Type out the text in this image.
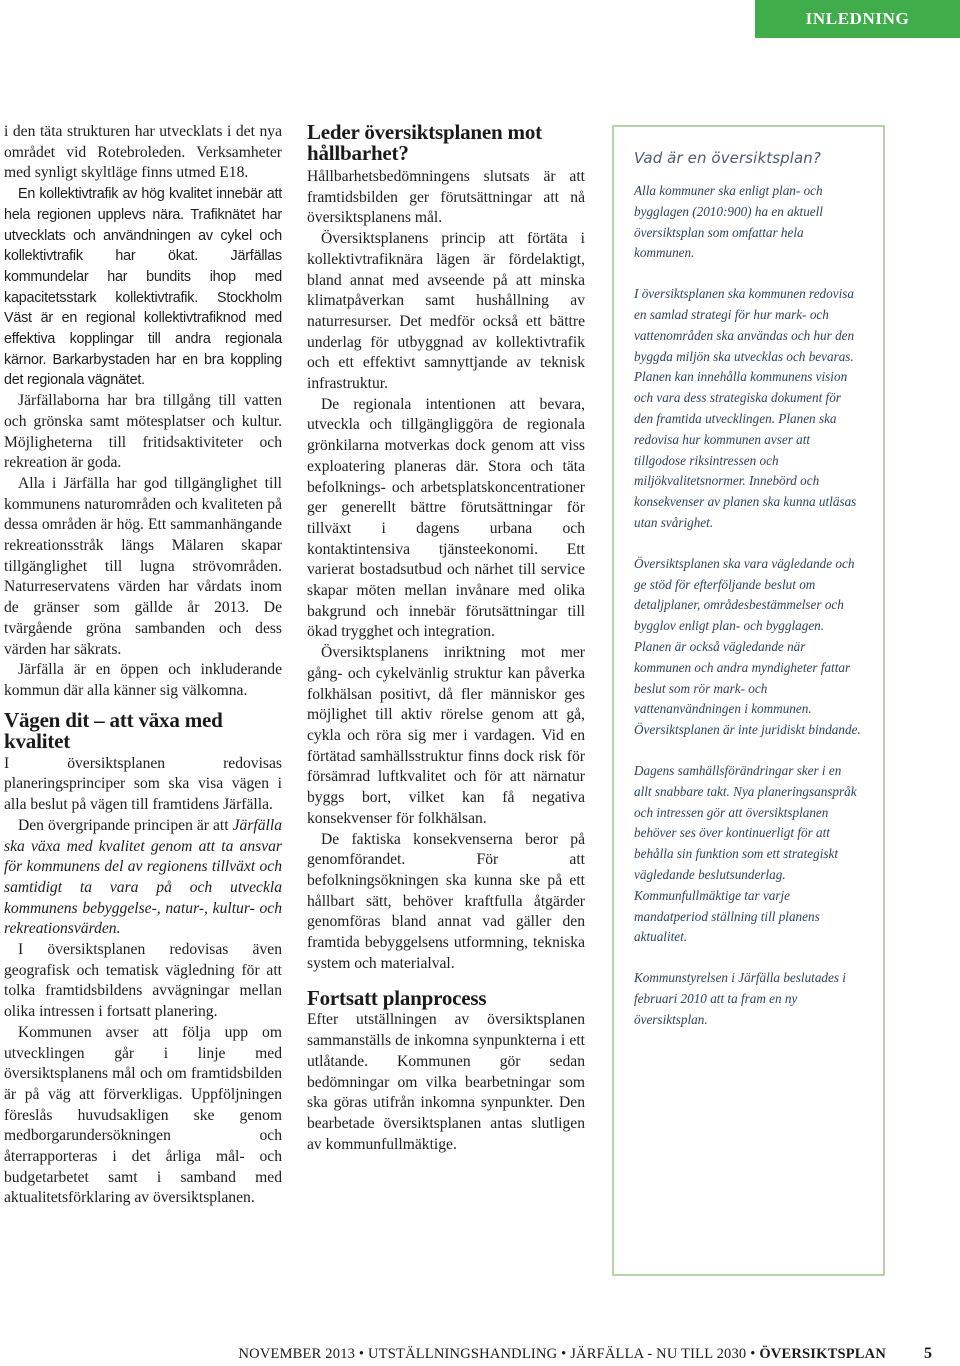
INLEDNING

i den täta strukturen har utvecklats i det nya området vid Rotebroleden. Verksamheter med synligt skyltläge finns utmed E18.

En kollektivtrafik av hög kvalitet innebär att hela regionen upplevs nära. Trafiknätet har utvecklats och användningen av cykel och kollektivtrafik har ökat. Järfällas kommundelar har bundits ihop med kapacitetsstark kollektivtrafik. Stockholm Väst är en regional kollektivtrafiknod med effektiva kopplingar till andra regionala kärnor. Barkarbystaden har en bra koppling det regionala vägnätet.

Järfällaborna har bra tillgång till vatten och grönska samt mötesplatser och kultur. Möjligheterna till fritidsaktiviteter och rekreation är goda.

Alla i Järfälla har god tillgänglighet till kommunens naturområden och kvaliteten på dessa områden är hög. Ett sammanhängande rekreationsstråk längs Mälaren skapar tillgänglighet till lugna strövområden. Naturreservatens värden har vårdats inom de gränser som gällde år 2013. De tvärgående gröna sambanden och dess värden har säkrats.

Järfälla är en öppen och inkluderande kommun där alla känner sig välkomna.

Vägen dit – att växa med kvalitet

I översiktsplanen redovisas planeringsprinciper som ska visa vägen i alla beslut på vägen till framtidens Järfälla.

Den övergripande principen är att Järfälla ska växa med kvalitet genom att ta ansvar för kommunens del av regionens tillväxt och samtidigt ta vara på och utveckla kommunens bebyggelse-, natur-, kultur- och rekreationsvärden.

I översiktsplanen redovisas även geografisk och tematisk vägledning för att tolka framtidsbildens avvägningar mellan olika intressen i fortsatt planering.

Kommunen avser att följa upp om utvecklingen går i linje med översiktsplanens mål och om framtidsbilden är på väg att förverkligas. Uppföljningen föreslås huvudsakligen ske genom medborgarundersökningen och återrapporteras i det årliga mål- och budgetarbetet samt i samband med aktualitetsförklaring av översiktsplanen.

Leder översiktsplanen mot hållbarhet?

Hållbarhetsbedömningens slutsats är att framtidsbilden ger förutsättningar att nå översiktsplanens mål.

Översiktsplanens princip att förtäta i kollektivtrafiknära lägen är fördelaktigt, bland annat med avseende på att minska klimatpåverkan samt hushållning av naturresurser. Det medför också ett bättre underlag för utbyggnad av kollektivtrafik och ett effektivt samnyttjande av teknisk infrastruktur.

De regionala intentionen att bevara, utveckla och tillgängliggöra de regionala grönkilarna motverkas dock genom att viss exploatering planeras där. Stora och täta befolknings- och arbetsplatskoncentrationer ger generellt bättre förutsättningar för tillväxt i dagens urbana och kontaktintensiva tjänsteekonomi. Ett varierat bostadsutbud och närhet till service skapar möten mellan invånare med olika bakgrund och innebär förutsättningar till ökad trygghet och integration.

Översiktsplanens inriktning mot mer gång- och cykelvänlig struktur kan påverka folkhälsan positivt, då fler människor ges möjlighet till aktiv rörelse genom att gå, cykla och röra sig mer i vardagen. Vid en förtätad samhällsstruktur finns dock risk för försämrad luftkvalitet och för att närnatur byggs bort, vilket kan få negativa konsekvenser för folkhälsan.

De faktiska konsekvenserna beror på genomförandet. För att befolkningsökningen ska kunna ske på ett hållbart sätt, behöver kraftfulla åtgärder genomföras bland annat vad gäller den framtida bebyggelsens utformning, tekniska system och materialval.

Fortsatt planprocess

Efter utställningen av översiktsplanen sammanställs de inkomna synpunkterna i ett utlåtande. Kommunen gör sedan bedömningar om vilka bearbetningar som ska göras utifrån inkomna synpunkter. Den bearbetade översiktsplanen antas slutligen av kommunfullmäktige.

Vad är en översiktsplan?

Alla kommuner ska enligt plan- och bygglagen (2010:900) ha en aktuell översiktsplan som omfattar hela kommunen.

I översiktsplanen ska kommunen redovisa en samlad strategi för hur mark- och vattenområden ska användas och hur den byggda miljön ska utvecklas och bevaras. Planen kan innehålla kommunens vision och vara dess strategiska dokument för den framtida utvecklingen. Planen ska redovisa hur kommunen avser att tillgodose riksintressen och miljökvalitetsnormer. Innebörd och konsekvenser av planen ska kunna utläsas utan svårighet.

Översiktsplanen ska vara vägledande och ge stöd för efterföljande beslut om detaljplaner, områdesbestämmelser och bygglov enligt plan- och bygglagen. Planen är också vägledande när kommunen och andra myndigheter fattar beslut som rör mark- och vattenanvändningen i kommunen. Översiktsplanen är inte juridiskt bindande.

Dagens samhällsförändringar sker i en allt snabbare takt. Nya planeringsanspråk och intressen gör att översiktsplanen behöver ses över kontinuerligt för att behålla sin funktion som ett strategiskt vägledande beslutsunderlag. Kommunfullmäktige tar varje mandatperiod ställning till planens aktualitet.

Kommunstyrelsen i Järfälla beslutades i februari 2010 att ta fram en ny översiktsplan.

NOVEMBER 2013 • UTSTÄLLNINGSHANDLING • JÄRFÄLLA - NU TILL 2030 • ÖVERSIKTSPLAN 5
